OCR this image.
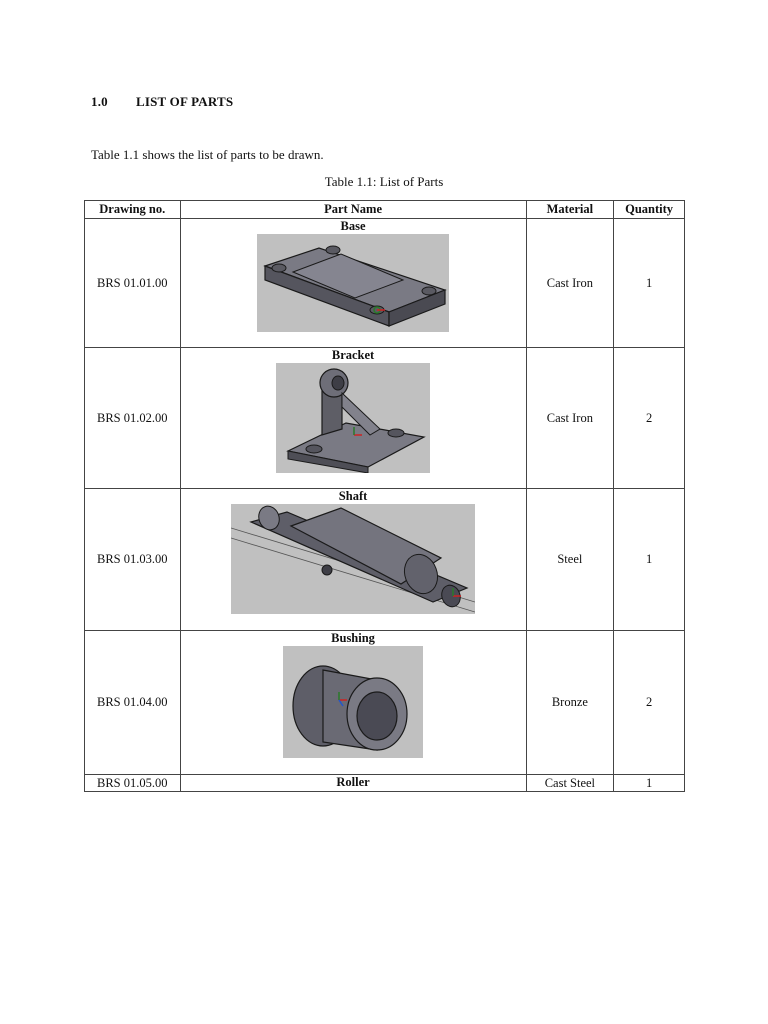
1.0 LIST OF PARTS
Table 1.1 shows the list of parts to be drawn.
Table 1.1: List of Parts
Drawing no.	Part Name	Material	Quantity
BRS 01.01.00	Base	Cast Iron	1
BRS 01.02.00	Bracket	Cast Iron	2
BRS 01.03.00	Shaft	Steel	1
BRS 01.04.00	Bushing	Bronze	2
BRS 01.05.00	Roller	Cast Steel	1
